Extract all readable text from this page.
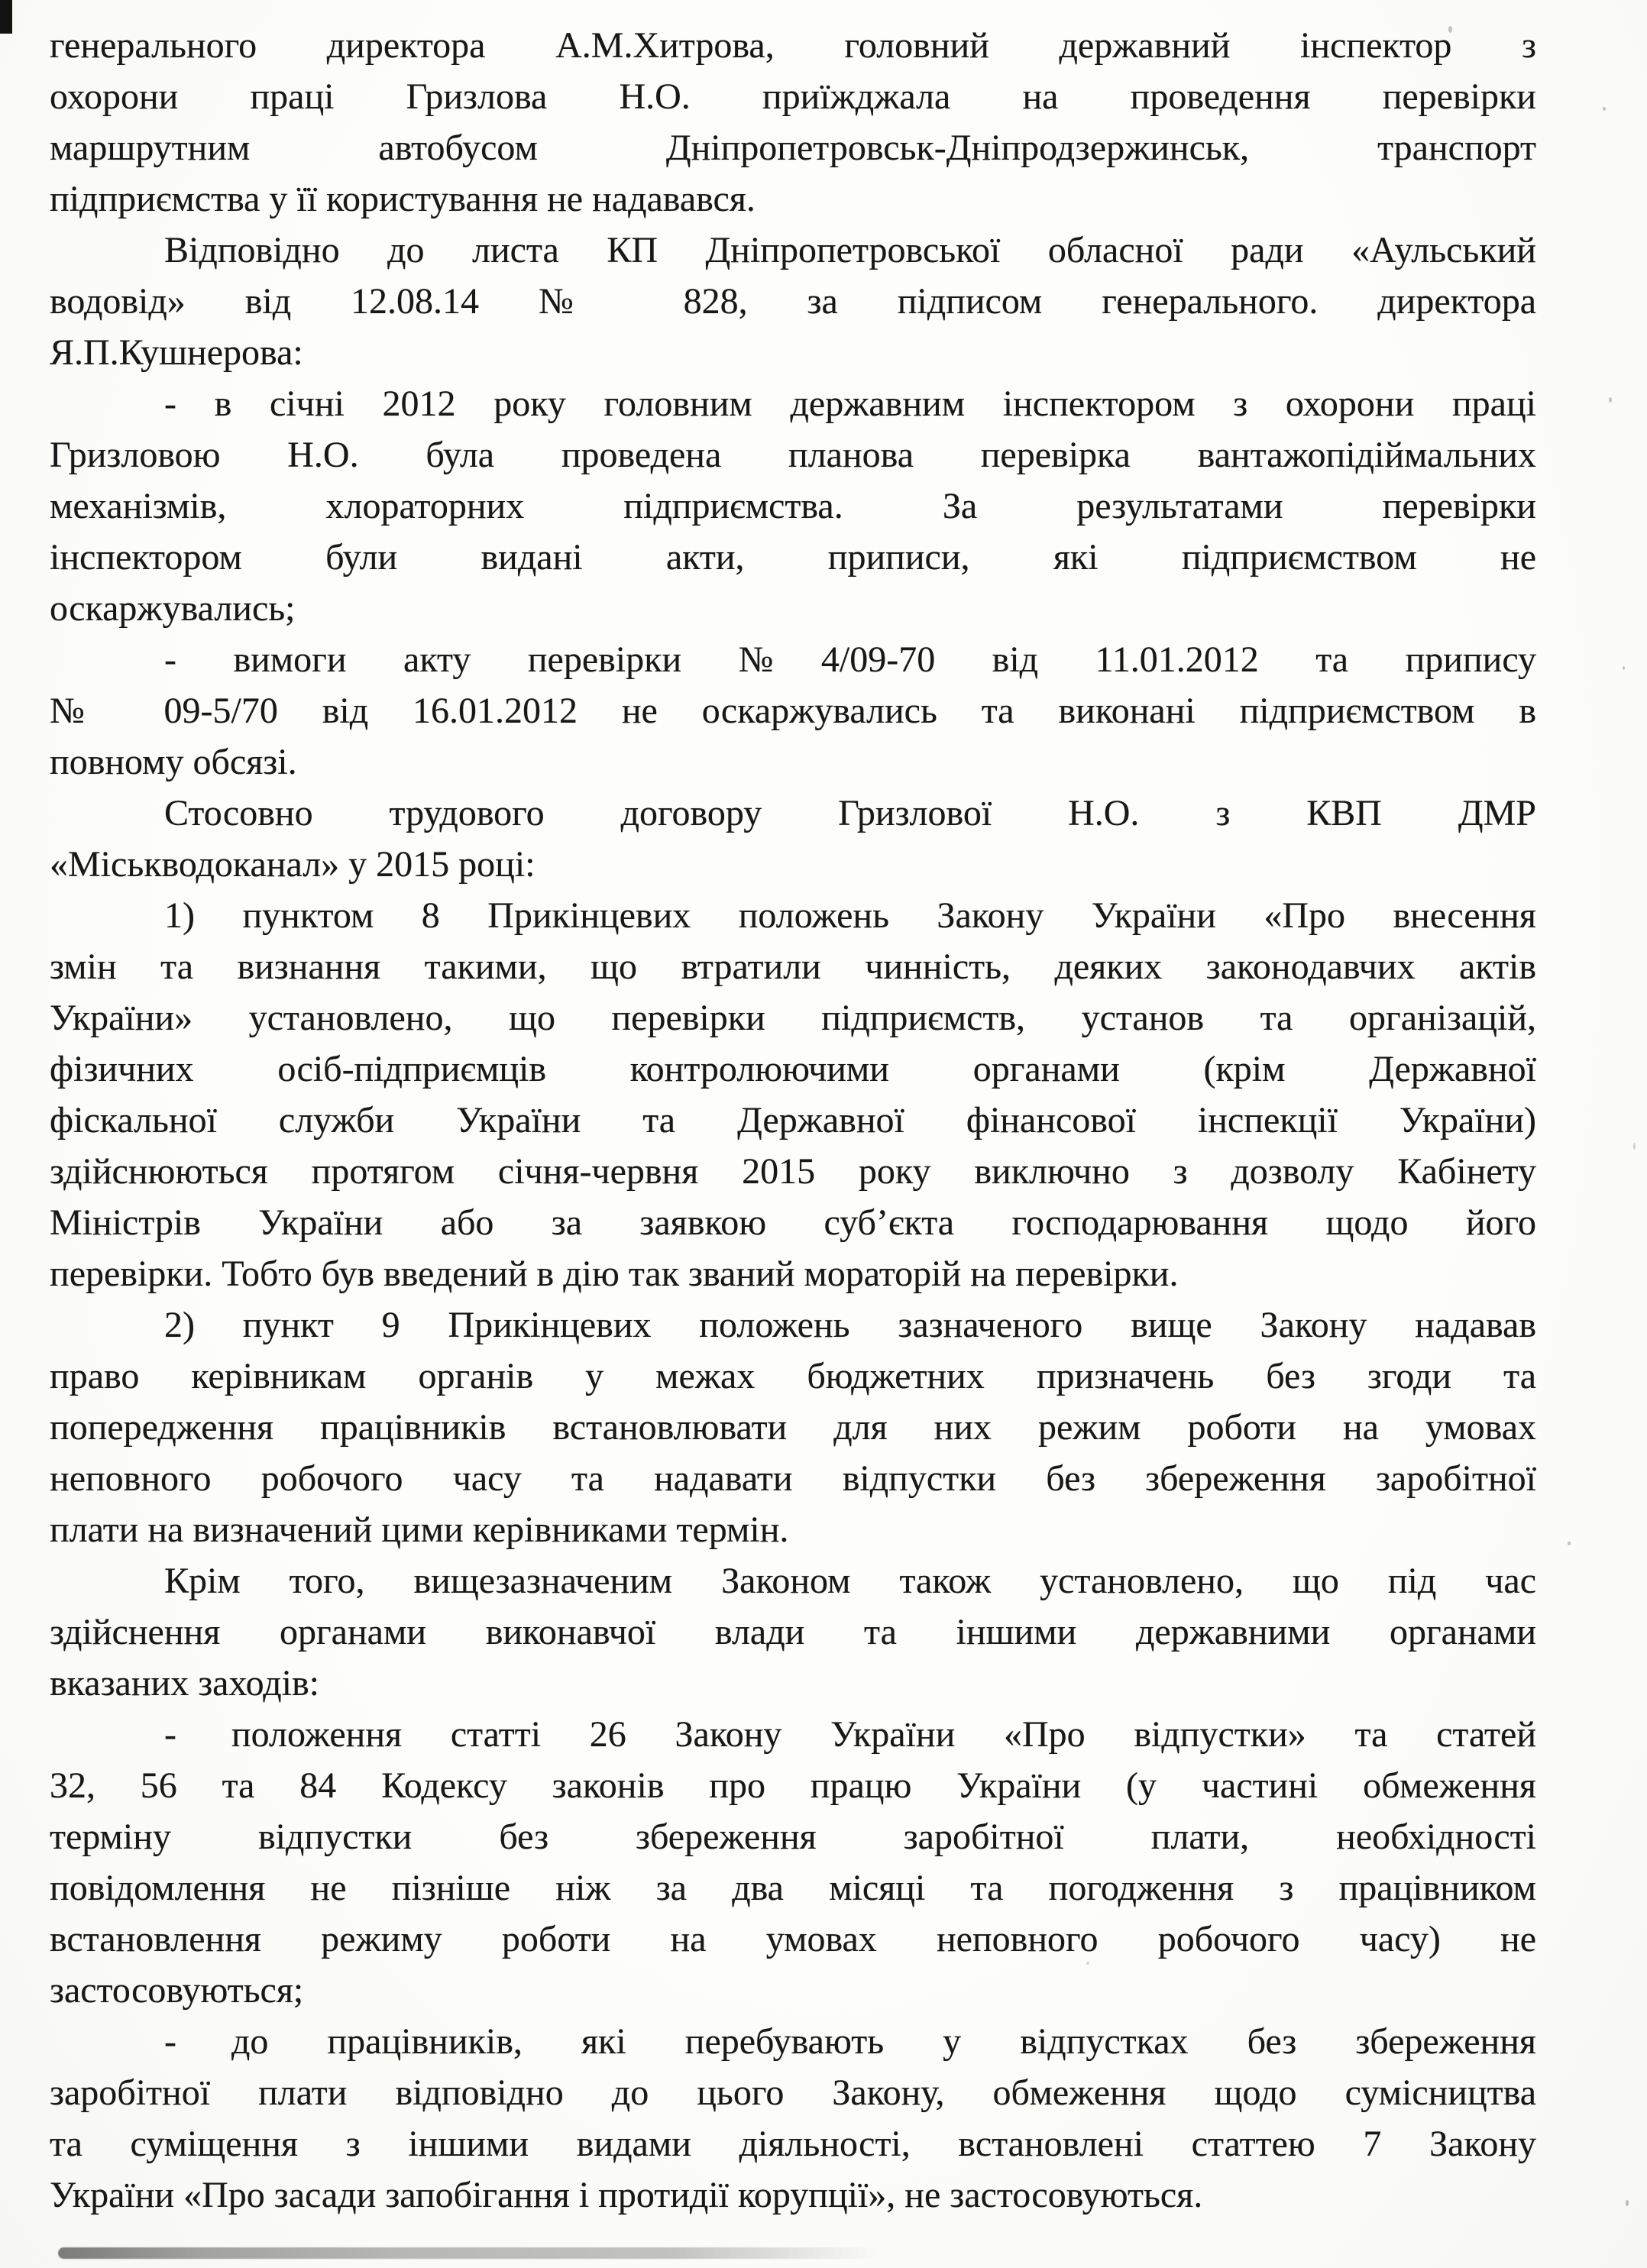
генерального директора А.М.Хитрова, головний державний інспектор з
охорони праці Гризлова Н.О. приїжджала на проведення перевірки
маршрутним автобусом Дніпропетровськ-Дніпродзержинськ, транспорт
підприємства у її користування не надавався.
Відповідно до листа КП Дніпропетровської обласної ради «Аульський
водовід» від 12.08.14 № 828, за підписом генерального. директора
Я.П.Кушнерова:
- в січні 2012 року головним державним інспектором з охорони праці
Гризловою Н.О. була проведена планова перевірка вантажопідіймальних
механізмів, хлораторних підприємства. За результатами перевірки
інспектором були видані акти, приписи, які підприємством не
оскаржувались;
- вимоги акту перевірки №4/09-70 від 11.01.2012 та припису
№ 09-5/70 від 16.01.2012 не оскаржувались та виконані підприємством в
повному обсязі.
Стосовно трудового договору Гризлової Н.О. з КВП ДМР
«Міськводоканал» у 2015 році:
1) пунктом 8 Прикінцевих положень Закону України «Про внесення
змін та визнання такими, що втратили чинність, деяких законодавчих актів
України» установлено, що перевірки підприємств, установ та організацій,
фізичних осіб-підприємців контролюючими органами (крім Державної
фіскальної служби України та Державної фінансової інспекції України)
здійснюються протягом січня-червня 2015 року виключно з дозволу Кабінету
Міністрів України або за заявкою суб’єкта господарювання щодо його
перевірки. Тобто був введений в дію так званий мораторій на перевірки.
2) пункт 9 Прикінцевих положень зазначеного вище Закону надавав
право керівникам органів у межах бюджетних призначень без згоди та
попередження працівників встановлювати для них режим роботи на умовах
неповного робочого часу та надавати відпустки без збереження заробітної
плати на визначений цими керівниками термін.
Крім того, вищезазначеним Законом також установлено, що під час
здійснення органами виконавчої влади та іншими державними органами
вказаних заходів:
-  положення статті 26 Закону України «Про відпустки» та статей
32, 56 та 84 Кодексу законів про працю України (у частині обмеження
терміну відпустки без збереження заробітної плати, необхідності
повідомлення не пізніше ніж за два місяці та погодження з працівником
встановлення режиму роботи на умовах неповного робочого часу) не
застосовуються;
-  до працівників, які перебувають у відпустках без збереження
заробітної плати відповідно до цього Закону, обмеження щодо сумісництва
та суміщення з іншими видами діяльності, встановлені статтею 7 Закону
України «Про засади запобігання і протидії корупції», не застосовуються.
